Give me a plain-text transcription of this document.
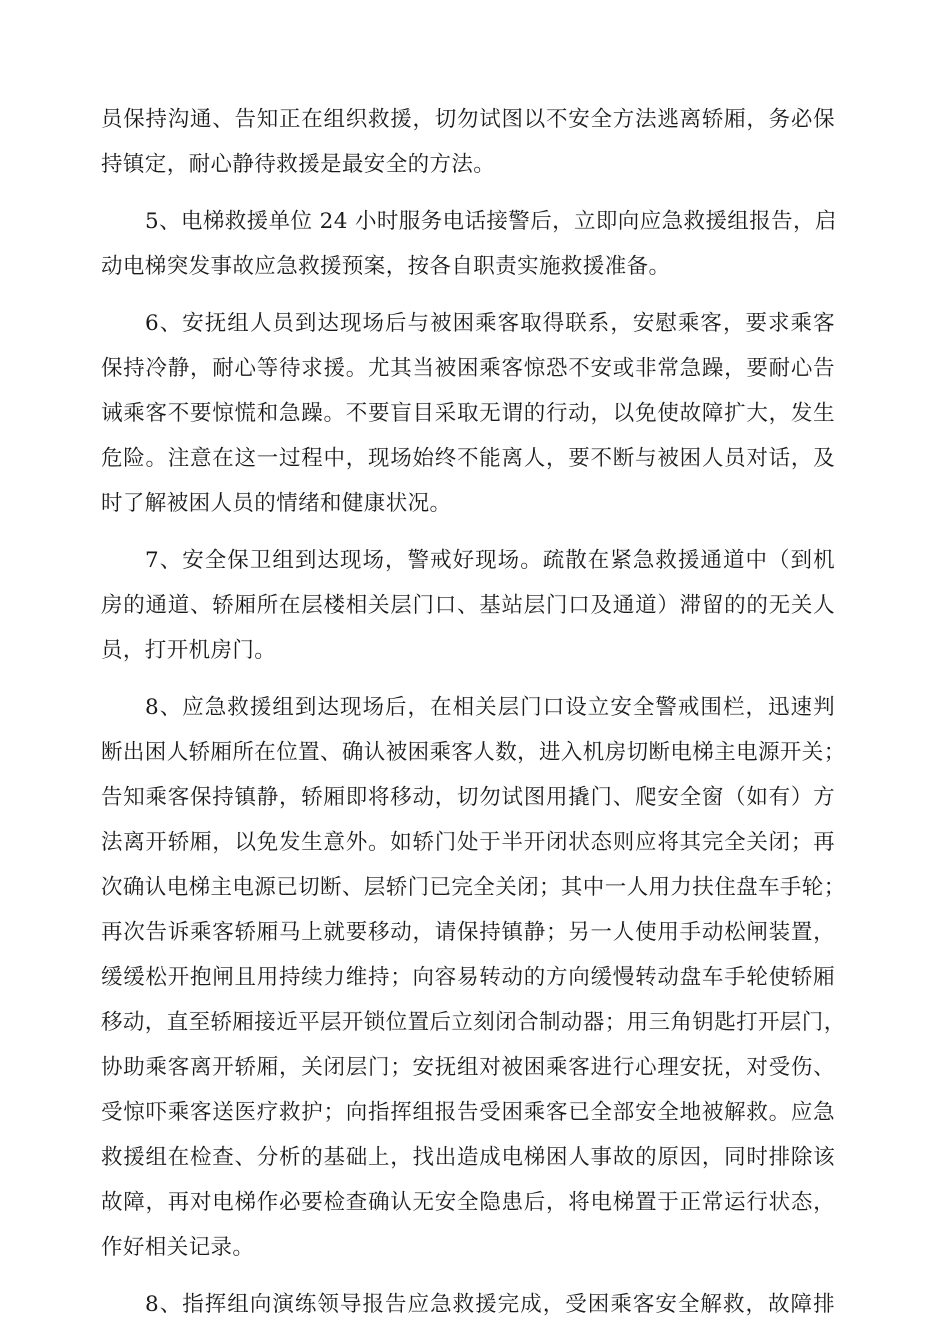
员保持沟通、告知正在组织救援，切勿试图以不安全方法逃离轿厢，务必保
持镇定，耐心静待救援是最安全的方法。

5、电梯救援单位 24 小时服务电话接警后，立即向应急救援组报告，启
动电梯突发事故应急救援预案，按各自职责实施救援准备。

6、安抚组人员到达现场后与被困乘客取得联系，安慰乘客，要求乘客
保持冷静，耐心等待求援。尤其当被困乘客惊恐不安或非常急躁，要耐心告
诫乘客不要惊慌和急躁。不要盲目采取无谓的行动，以免使故障扩大，发生
危险。注意在这一过程中，现场始终不能离人，要不断与被困人员对话，及
时了解被困人员的情绪和健康状况。

7、安全保卫组到达现场，警戒好现场。疏散在紧急救援通道中（到机
房的通道、轿厢所在层楼相关层门口、基站层门口及通道）滞留的的无关人
员，打开机房门。

8、应急救援组到达现场后，在相关层门口设立安全警戒围栏，迅速判
断出困人轿厢所在位置、确认被困乘客人数，进入机房切断电梯主电源开关；
告知乘客保持镇静，轿厢即将移动，切勿试图用撬门、爬安全窗（如有）方
法离开轿厢，以免发生意外。如轿门处于半开闭状态则应将其完全关闭；再
次确认电梯主电源已切断、层轿门已完全关闭；其中一人用力扶住盘车手轮；
再次告诉乘客轿厢马上就要移动，请保持镇静；另一人使用手动松闸装置，
缓缓松开抱闸且用持续力维持；向容易转动的方向缓慢转动盘车手轮使轿厢
移动，直至轿厢接近平层开锁位置后立刻闭合制动器；用三角钥匙打开层门，
协助乘客离开轿厢，关闭层门；安抚组对被困乘客进行心理安抚，对受伤、
受惊吓乘客送医疗救护；向指挥组报告受困乘客已全部安全地被解救。应急
救援组在检查、分析的基础上，找出造成电梯困人事故的原因，同时排除该
故障，再对电梯作必要检查确认无安全隐患后，将电梯置于正常运行状态，
作好相关记录。

8、指挥组向演练领导报告应急救援完成，受困乘客安全解救，故障排
